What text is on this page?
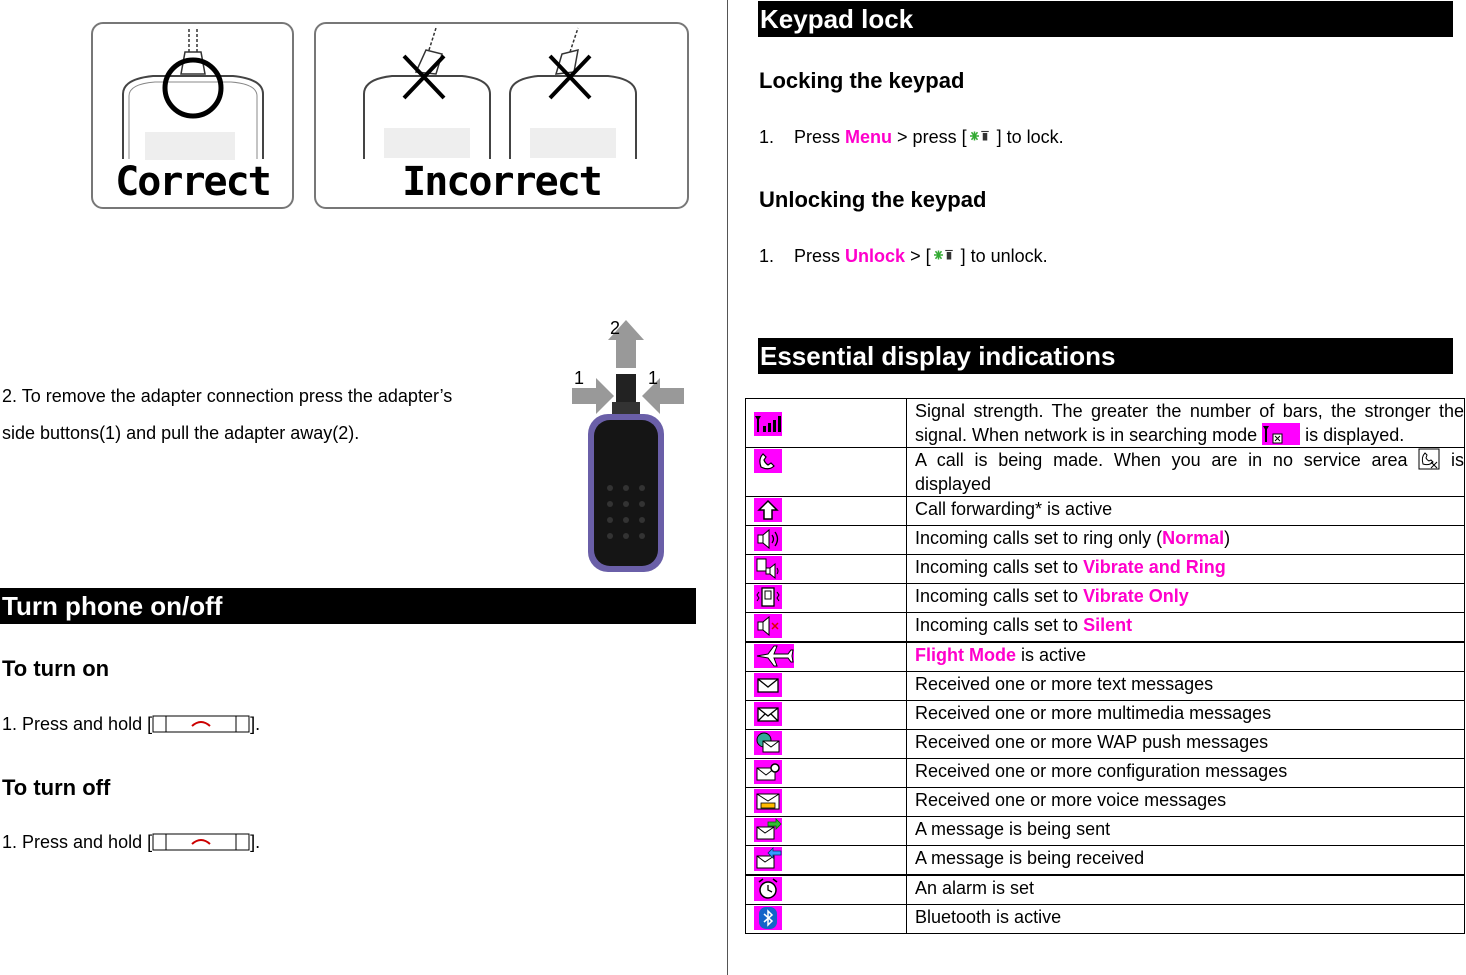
Correct	Incorrect
2. To remove the adapter connection press the adapter’s side buttons(1) and pull the adapter away(2).
2
1	1
Turn phone on/off
To turn on
1. Press and hold [	].
To turn off
1. Press and hold [	].
Keypad lock
Locking the keypad
1. Press Menu > press [ ] to lock.
Unlocking the keypad
1. Press Unlock > [ ] to unlock.
Essential display indications
	Signal strength. The greater the number of bars, the stronger the signal. When network is in searching mode  is displayed.

	A call is being made. When you are in no service area  is displayed

	Call forwarding* is active

	Incoming calls set to ring only (Normal)

	Incoming calls set to Vibrate and Ring

	Incoming calls set to Vibrate Only

	Incoming calls set to Silent

	Flight Mode is active

	Received one or more text messages

	Received one or more multimedia messages

	Received one or more WAP push messages

	Received one or more configuration messages

	Received one or more voice messages

	A message is being sent

	A message is being received

	An alarm is set

	Bluetooth is active
